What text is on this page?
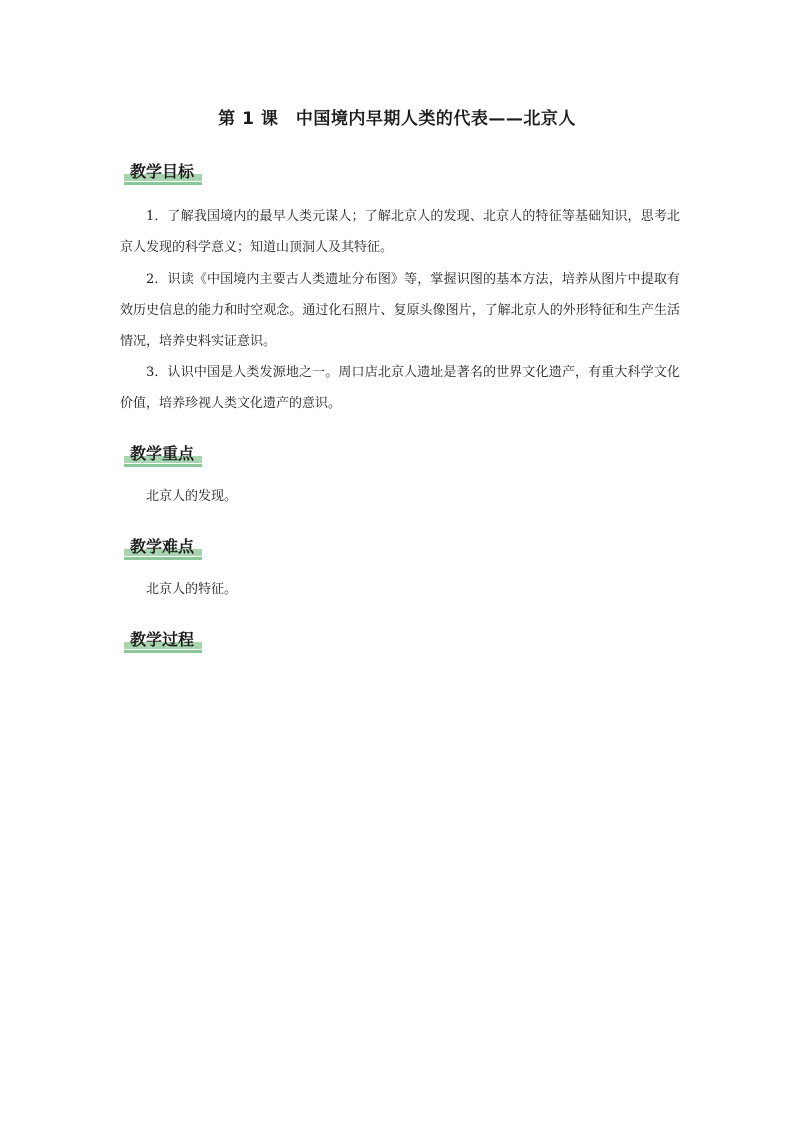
第 1 课　中国境内早期人类的代表——北京人
教学目标
1．了解我国境内的最早人类元谋人；了解北京人的发现、北京人的特征等基础知识，思考北京人发现的科学意义；知道山顶洞人及其特征。
2．识读《中国境内主要古人类遗址分布图》等，掌握识图的基本方法，培养从图片中提取有效历史信息的能力和时空观念。通过化石照片、复原头像图片，了解北京人的外形特征和生产生活情况，培养史料实证意识。
3．认识中国是人类发源地之一。周口店北京人遗址是著名的世界文化遗产，有重大科学文化价值，培养珍视人类文化遗产的意识。
教学重点
北京人的发现。
教学难点
北京人的特征。
教学过程
